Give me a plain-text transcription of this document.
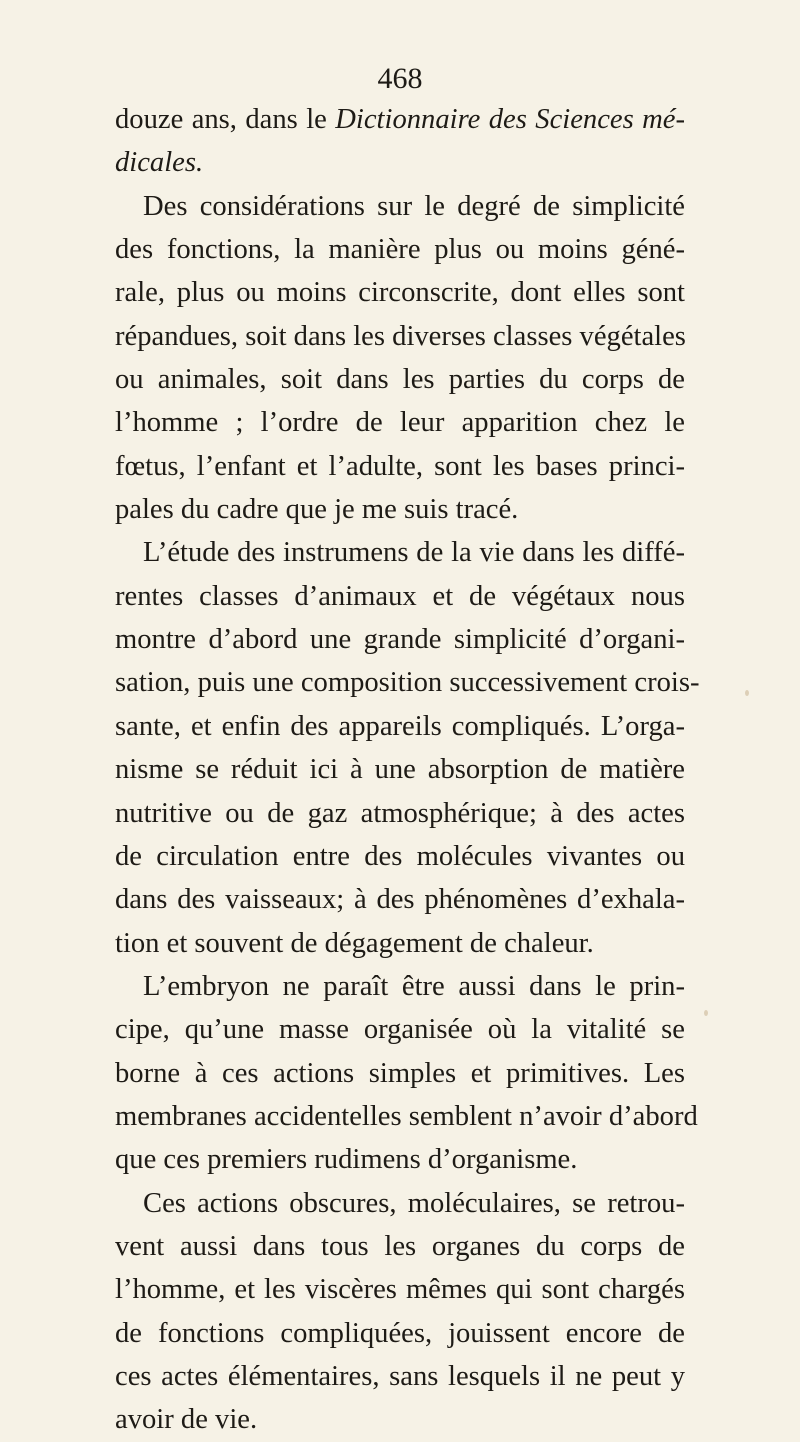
468
douze ans, dans le Dictionnaire des Sciences mé-
dicales.
Des considérations sur le degré de simplicité
des fonctions, la manière plus ou moins géné-
rale, plus ou moins circonscrite, dont elles sont
répandues, soit dans les diverses classes végétales
ou animales, soit dans les parties du corps de
l’homme ; l’ordre de leur apparition chez le
fœtus, l’enfant et l’adulte, sont les bases princi-
pales du cadre que je me suis tracé.
L’étude des instrumens de la vie dans les diffé-
rentes classes d’animaux et de végétaux nous
montre d’abord une grande simplicité d’organi-
sation, puis une composition successivement crois-
sante, et enfin des appareils compliqués. L’orga-
nisme se réduit ici à une absorption de matière
nutritive ou de gaz atmosphérique; à des actes
de circulation entre des molécules vivantes ou
dans des vaisseaux; à des phénomènes d’exhala-
tion et souvent de dégagement de chaleur.
L’embryon ne paraît être aussi dans le prin-
cipe, qu’une masse organisée où la vitalité se
borne à ces actions simples et primitives. Les
membranes accidentelles semblent n’avoir d’abord
que ces premiers rudimens d’organisme.
Ces actions obscures, moléculaires, se retrou-
vent aussi dans tous les organes du corps de
l’homme, et les viscères mêmes qui sont chargés
de fonctions compliquées, jouissent encore de
ces actes élémentaires, sans lesquels il ne peut y
avoir de vie.
